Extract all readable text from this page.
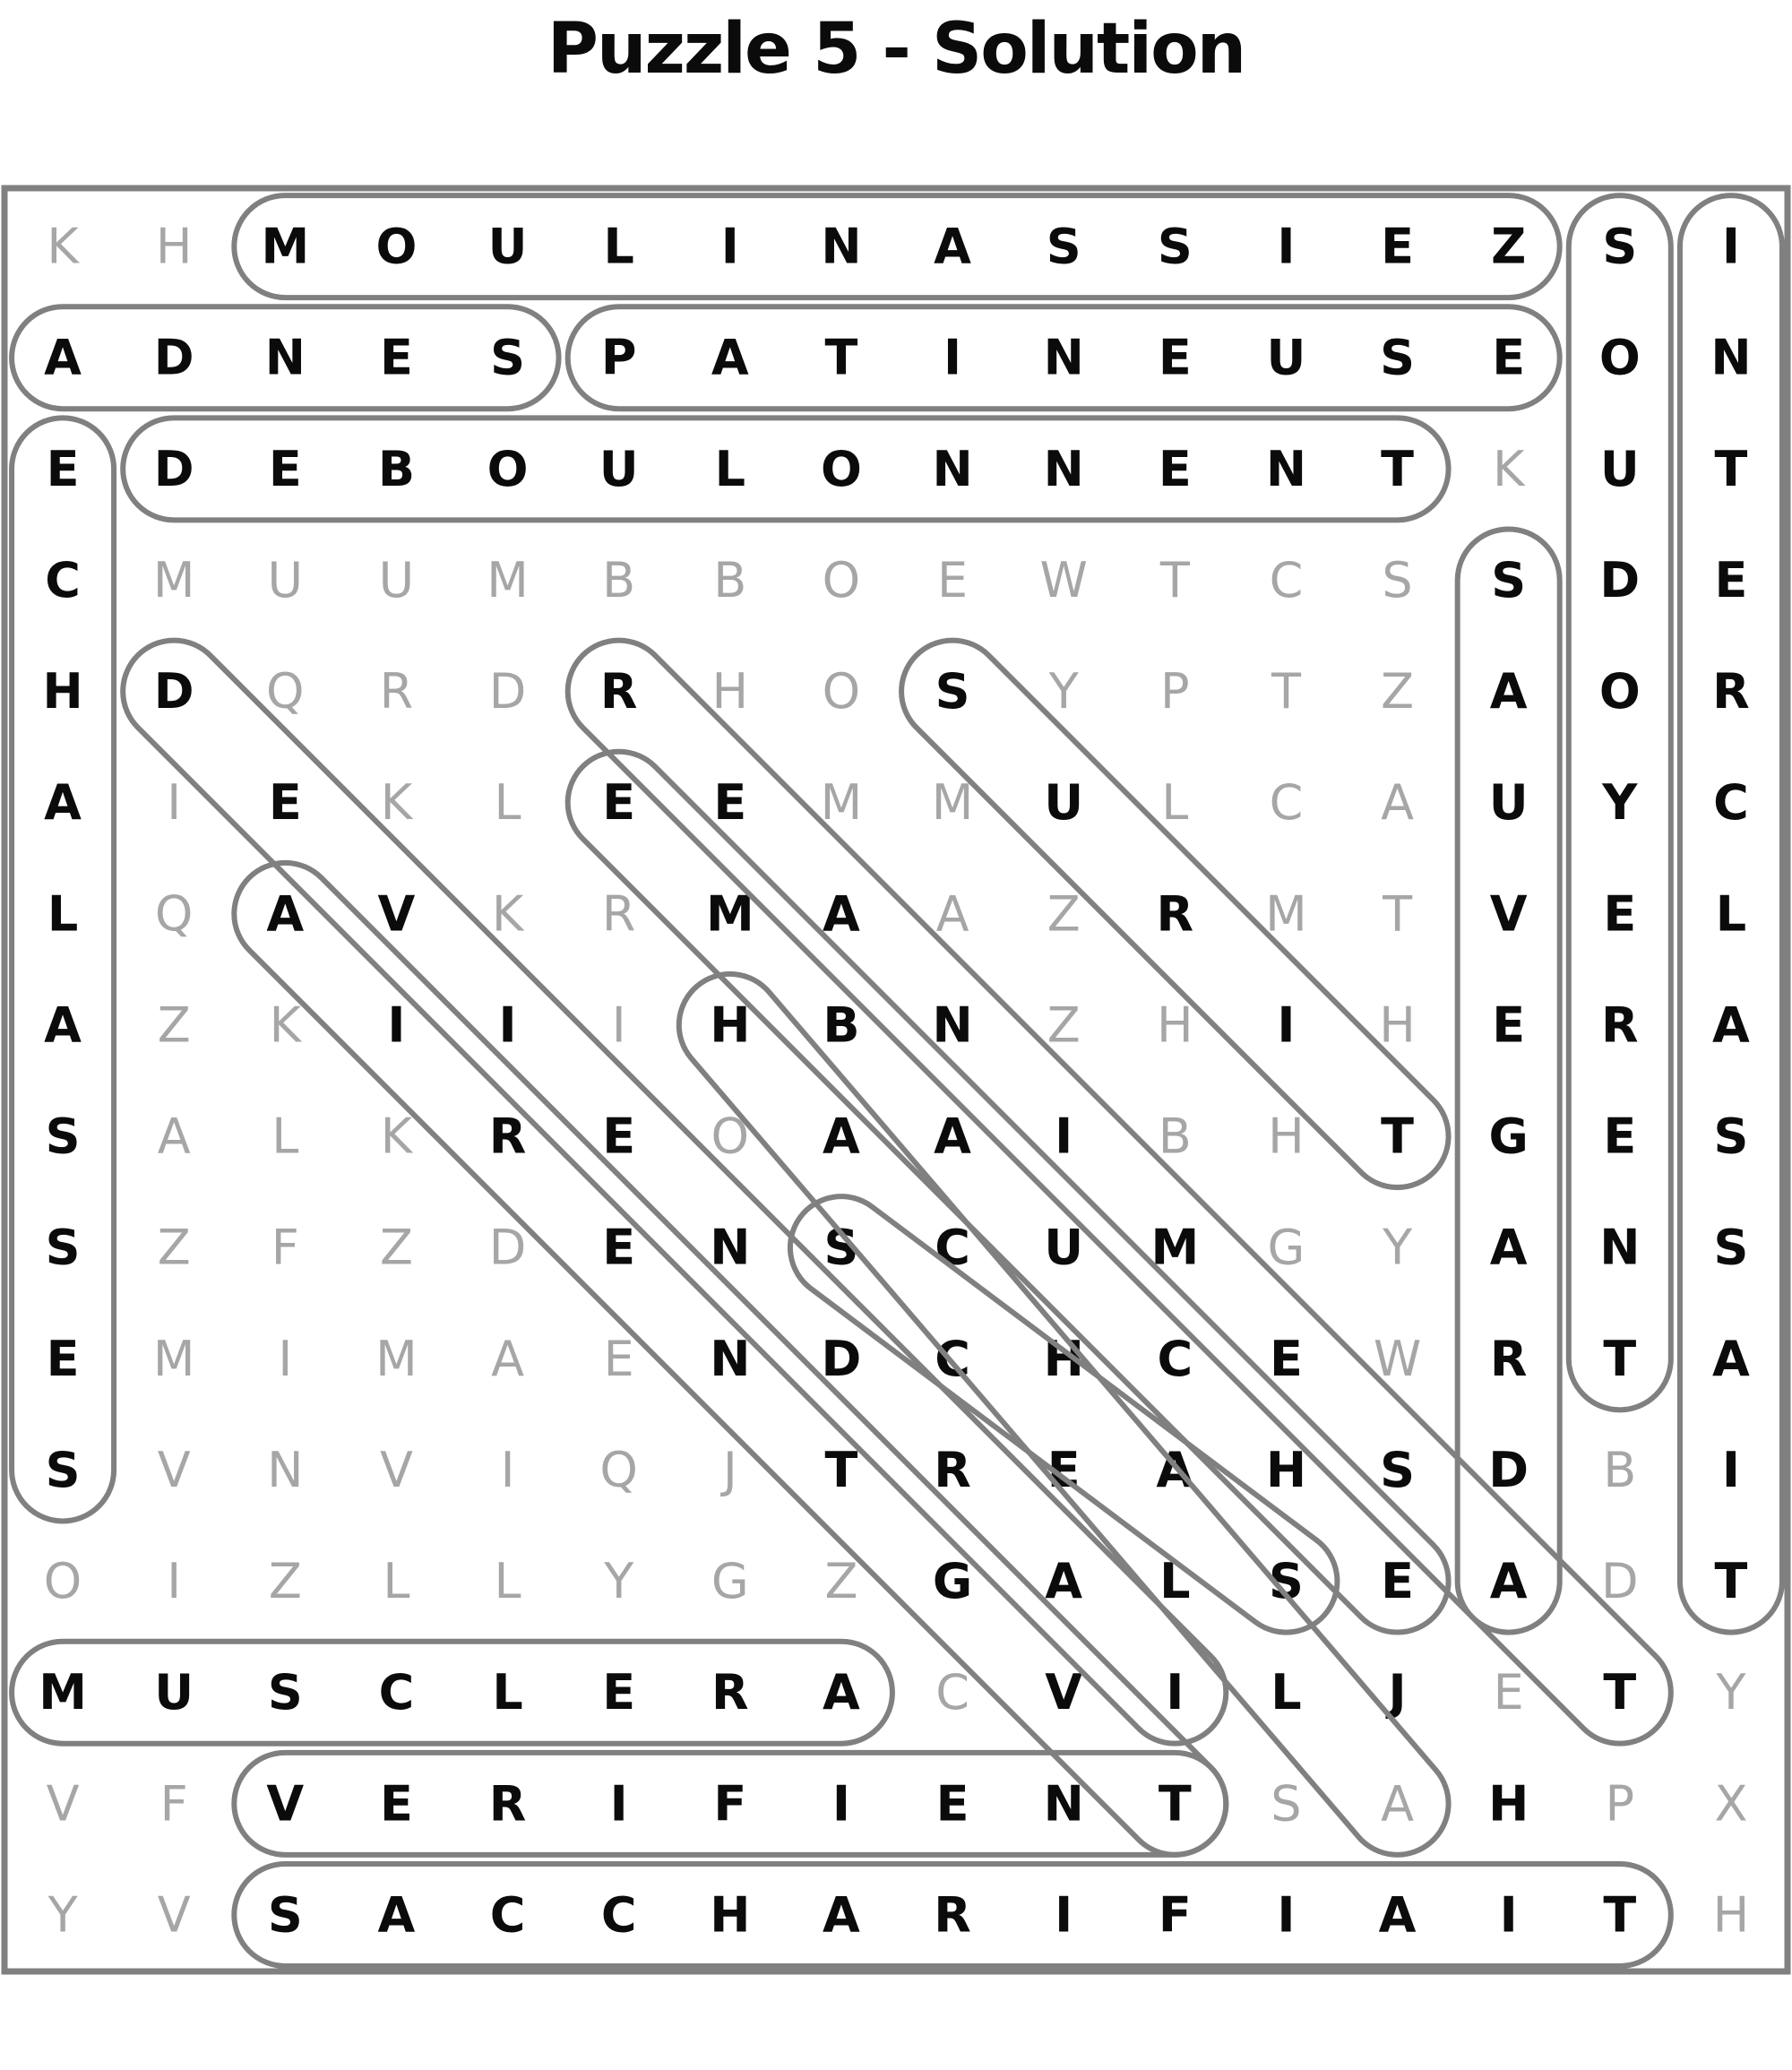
Puzzle 5 - Solution
K H M O U L I N A S S I E Z S I
A D N E S P A T I N E U S E O N
E D E B O U L O N N E N T K U T
C M U U M B B O E W T C S S D E
H D Q R D R H O S Y P T Z A O R
A I E K L E E M M U L C A U Y C
L Q A V K R M A A Z R M T V E L
A Z K I I I H B N Z H I H E R A
S A L K R E O A A I B H T G E S
S Z F Z D E N S C U M G Y A N S
E M I M A E N D C H C E W R T A
S V N V I Q J T R E A H S D B I
O I Z L L Y G Z G A L S E A D T
M U S C L E R A C V I L J E T Y
V F V E R I F I E N T S A H P X
Y V S A C C H A R I F I A I T H
